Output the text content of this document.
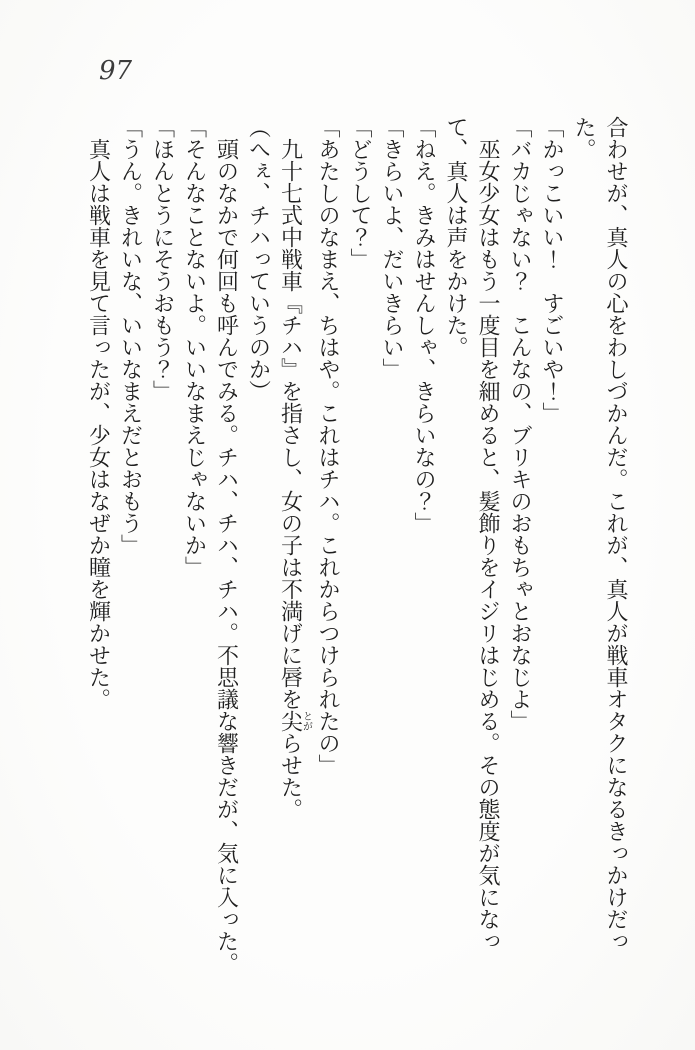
97

合わせが、真人の心をわしづかんだ。これが、真人が戦車オタクになるきっかけだっ

た。

「かっこいい！　すごいや！」

「バカじゃない？　こんなの、ブリキのおもちゃとおなじよ」

巫女少女はもう一度目を細めると、髪飾りをイジリはじめる。その態度が気になっ

て、真人は声をかけた。

「ねえ。きみはせんしゃ、きらいなの？」

「きらいよ、だいきらい」

「どうして？」

「あたしのなまえ、ちはや。これはチハ。これからつけられたの」

九十七式中戦車『チハ』を指さし、女の子は不満げに唇を尖とがらせた。

（へぇ、チハっていうのか）

頭のなかで何回も呼んでみる。チハ、チハ、チハ。不思議な響きだが、気に入った。

「そんなことないよ。いいなまえじゃないか」

「ほんとうにそうおもう？」

「うん。きれいな、いいなまえだとおもう」

真人は戦車を見て言ったが、少女はなぜか瞳を輝かせた。
